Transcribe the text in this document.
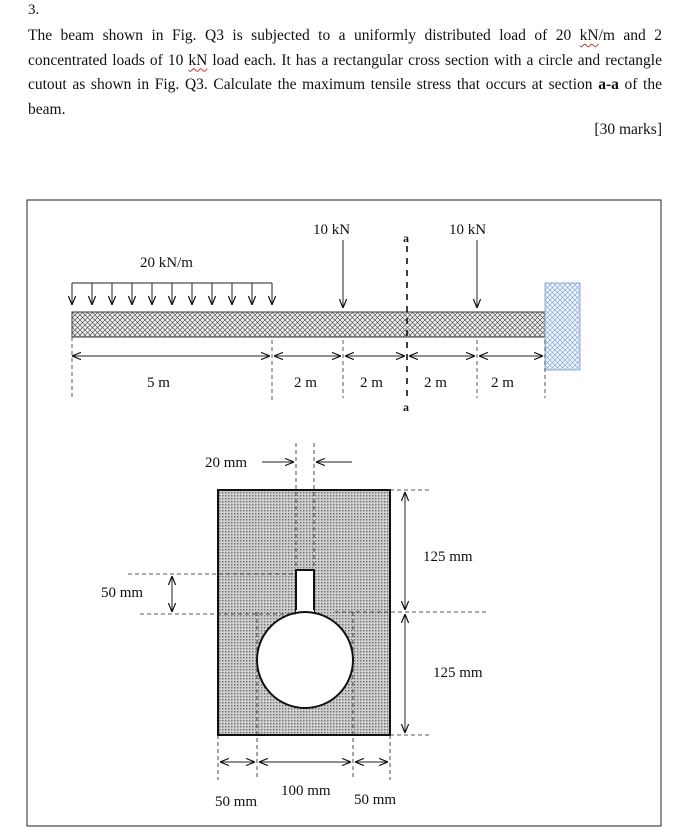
3.
The beam shown in Fig. Q3 is subjected to a uniformly distributed load of 20 kN/m and 2 concentrated loads of 10 kN load each. It has a rectangular cross section with a circle and rectangle cutout as shown in Fig. Q3. Calculate the maximum tensile stress that occurs at section a-a of the beam.
[30 marks]
20 kN/m
10 kN	10 kN
a
a
5 m	2 m	2 m	2 m	2 m
20 mm
50 mm
125 mm
125 mm
50 mm
100 mm
50 mm
